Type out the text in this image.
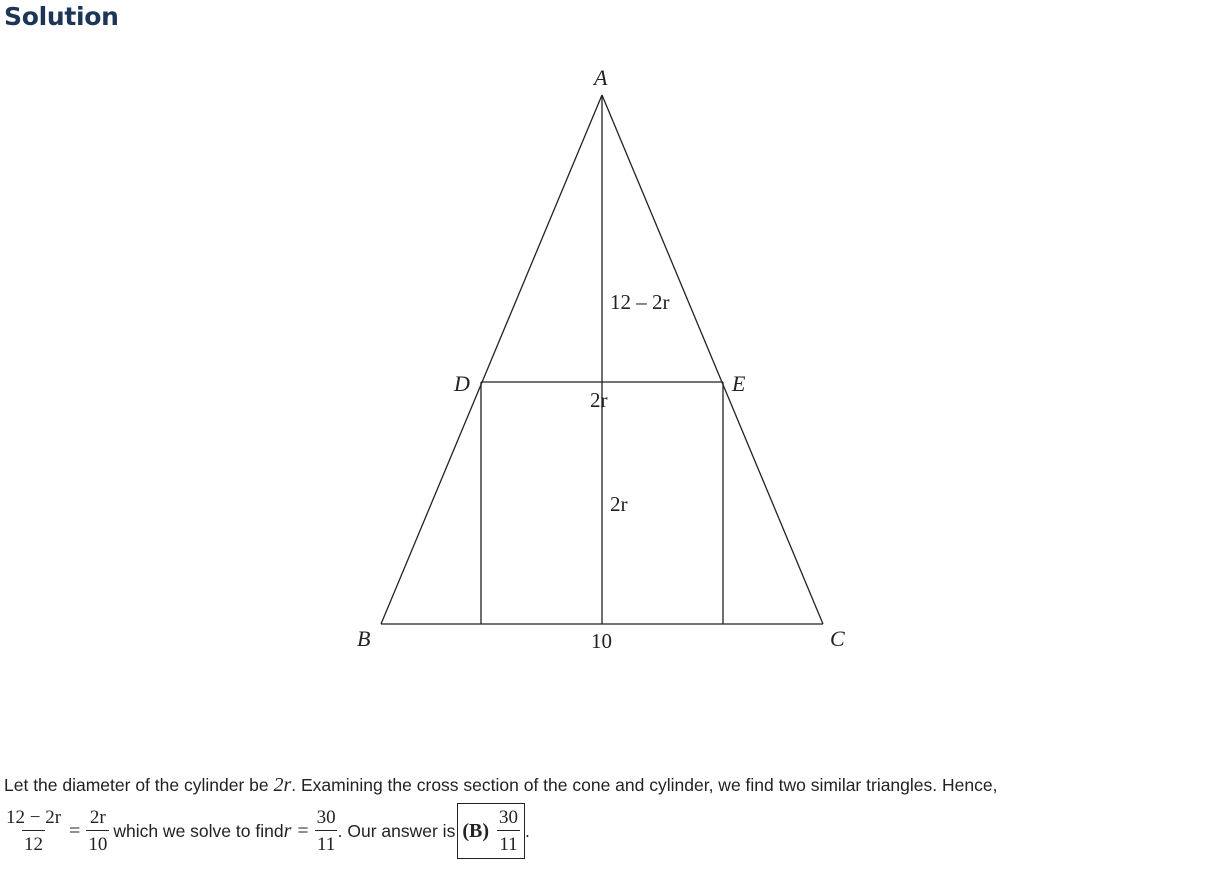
Solution
A
B	C
D	E
12 – 2r
2r
2r
10
Let the diameter of the cylinder be 2r. Examining the cross section of the cone and cylinder, we find two similar triangles. Hence,
$\frac{12 - 2r}{12} = \frac{2r}{10}$ which we solve to find $r = \frac{30}{11}$ . Our answer is $(B) \frac{30}{11}$ .
